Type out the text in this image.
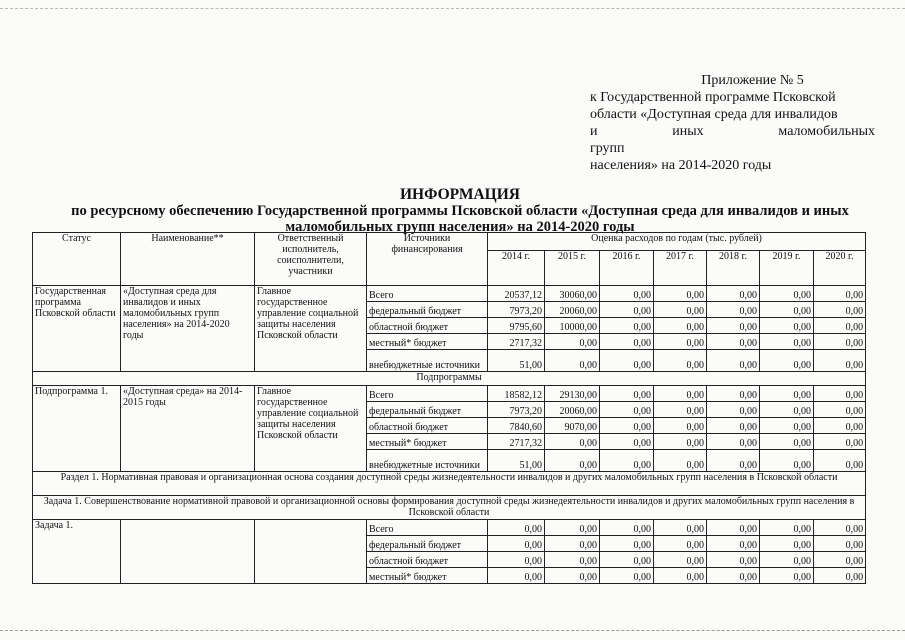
Приложение № 5
к Государственной программе Псковской
области «Доступная среда для инвалидов
и иных маломобильных групп
населения» на 2014-2020 годы
ИНФОРМАЦИЯ
по ресурсному обеспечению Государственной программы Псковской области «Доступная среда для инвалидов и иных
маломобильных групп населения» на 2014-2020 годы
Статус	Наименование**	Ответственный исполнитель, соисполнители, участники	Источники финансирования	Оценка расходов по годам (тыс. рублей)						
				2014 г.	2015 г.	2016 г.	2017 г.	2018 г.	2019 г.	2020 г.
Государственная программа Псковской области	«Доступная среда для инвалидов и иных маломобильных групп населения» на 2014-2020 годы	Главное государственное управление социальной защиты населения Псковской области	Всего	20537,12	30060,00	0,00	0,00	0,00	0,00	0,00
			федеральный бюджет	7973,20	20060,00	0,00	0,00	0,00	0,00	0,00
			областной бюджет	9795,60	10000,00	0,00	0,00	0,00	0,00	0,00
			местный* бюджет	2717,32	0,00	0,00	0,00	0,00	0,00	0,00
			внебюджетные источники	51,00	0,00	0,00	0,00	0,00	0,00	0,00
Подпрограммы										
Подпрограмма 1.	«Доступная среда» на 2014-2015 годы	Главное государственное управление социальной защиты населения Псковской области	Всего	18582,12	29130,00	0,00	0,00	0,00	0,00	0,00
			федеральный бюджет	7973,20	20060,00	0,00	0,00	0,00	0,00	0,00
			областной бюджет	7840,60	9070,00	0,00	0,00	0,00	0,00	0,00
			местный* бюджет	2717,32	0,00	0,00	0,00	0,00	0,00	0,00
			внебюджетные источники	51,00	0,00	0,00	0,00	0,00	0,00	0,00
Раздел 1. Нормативная правовая и организационная основа создания доступной среды жизнедеятельности инвалидов и других маломобильных групп населения в Псковской области										
Задача 1. Совершенствование нормативной правовой и организационной основы формирования доступной среды жизнедеятельности инвалидов и других маломобильных групп населения в Псковской области										
Задача 1.			Всего	0,00	0,00	0,00	0,00	0,00	0,00	0,00
			федеральный бюджет	0,00	0,00	0,00	0,00	0,00	0,00	0,00
			областной бюджет	0,00	0,00	0,00	0,00	0,00	0,00	0,00
			местный* бюджет	0,00	0,00	0,00	0,00	0,00	0,00	0,00
